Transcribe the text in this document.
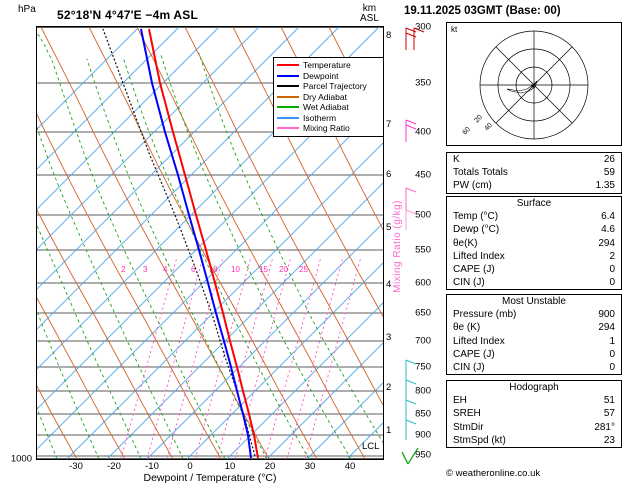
hPa 52°18'N 4°47'E −4m ASL	km
ASL
2 3 4	6 8 10 15 20 25
Temperature
Dewpoint
Parcel Trajectory
Dry Adiabat
Wet Adiabat
Isotherm
Mixing Ratio
300
350
400
450
500
550
600
650
700
750
800
850
900
950
1000
-30	-20	-10	0	10	20	30	40
Dewpoint / Temperature (°C)
8
7
6
5
4
3
2
1
Mixing Ratio (g/kg)
LCL
19.11.2025 03GMT (Base: 00)
kt
20
40
60
K	26
Totals Totals	59
PW (cm)	1.35
Surface
Temp (°C)	6.4
Dewp (°C)	4.6
θe(K)	294
Lifted Index	2
CAPE (J)	0
CIN (J)	0
Most Unstable
Pressure (mb)	900
θe (K)	294
Lifted Index	1
CAPE (J)	0
CIN (J)	0
Hodograph
EH	51
SREH	57
StmDir	281°
StmSpd (kt)	23
© weatheronline.co.uk
